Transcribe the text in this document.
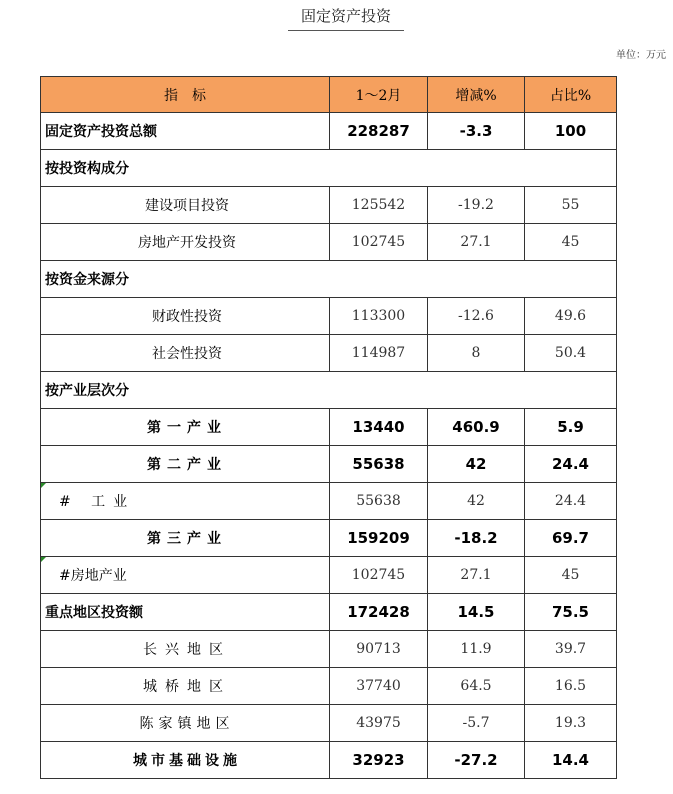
固定资产投资
单位：万元
指　标	1～2月	增减%	占比%
固定资产投资总额	228287	-3.3	100
按投资构成分			
建设项目投资	125542	-19.2	55
房地产开发投资	102745	27.1	45
按资金来源分			
财政性投资	113300	-12.6	49.6
社会性投资	114987	8	50.4
按产业层次分			
第一产业	13440	460.9	5.9
第二产业	55638	42	24.4

# 工业	55638	42	24.4
第三产业	159209	-18.2	69.7

#房地产业	102745	27.1	45
重点地区投资额	172428	14.5	75.5
长兴地区	90713	11.9	39.7
城桥地区	37740	64.5	16.5
陈家镇地区	43975	-5.7	19.3
城市基础设施	32923	-27.2	14.4
